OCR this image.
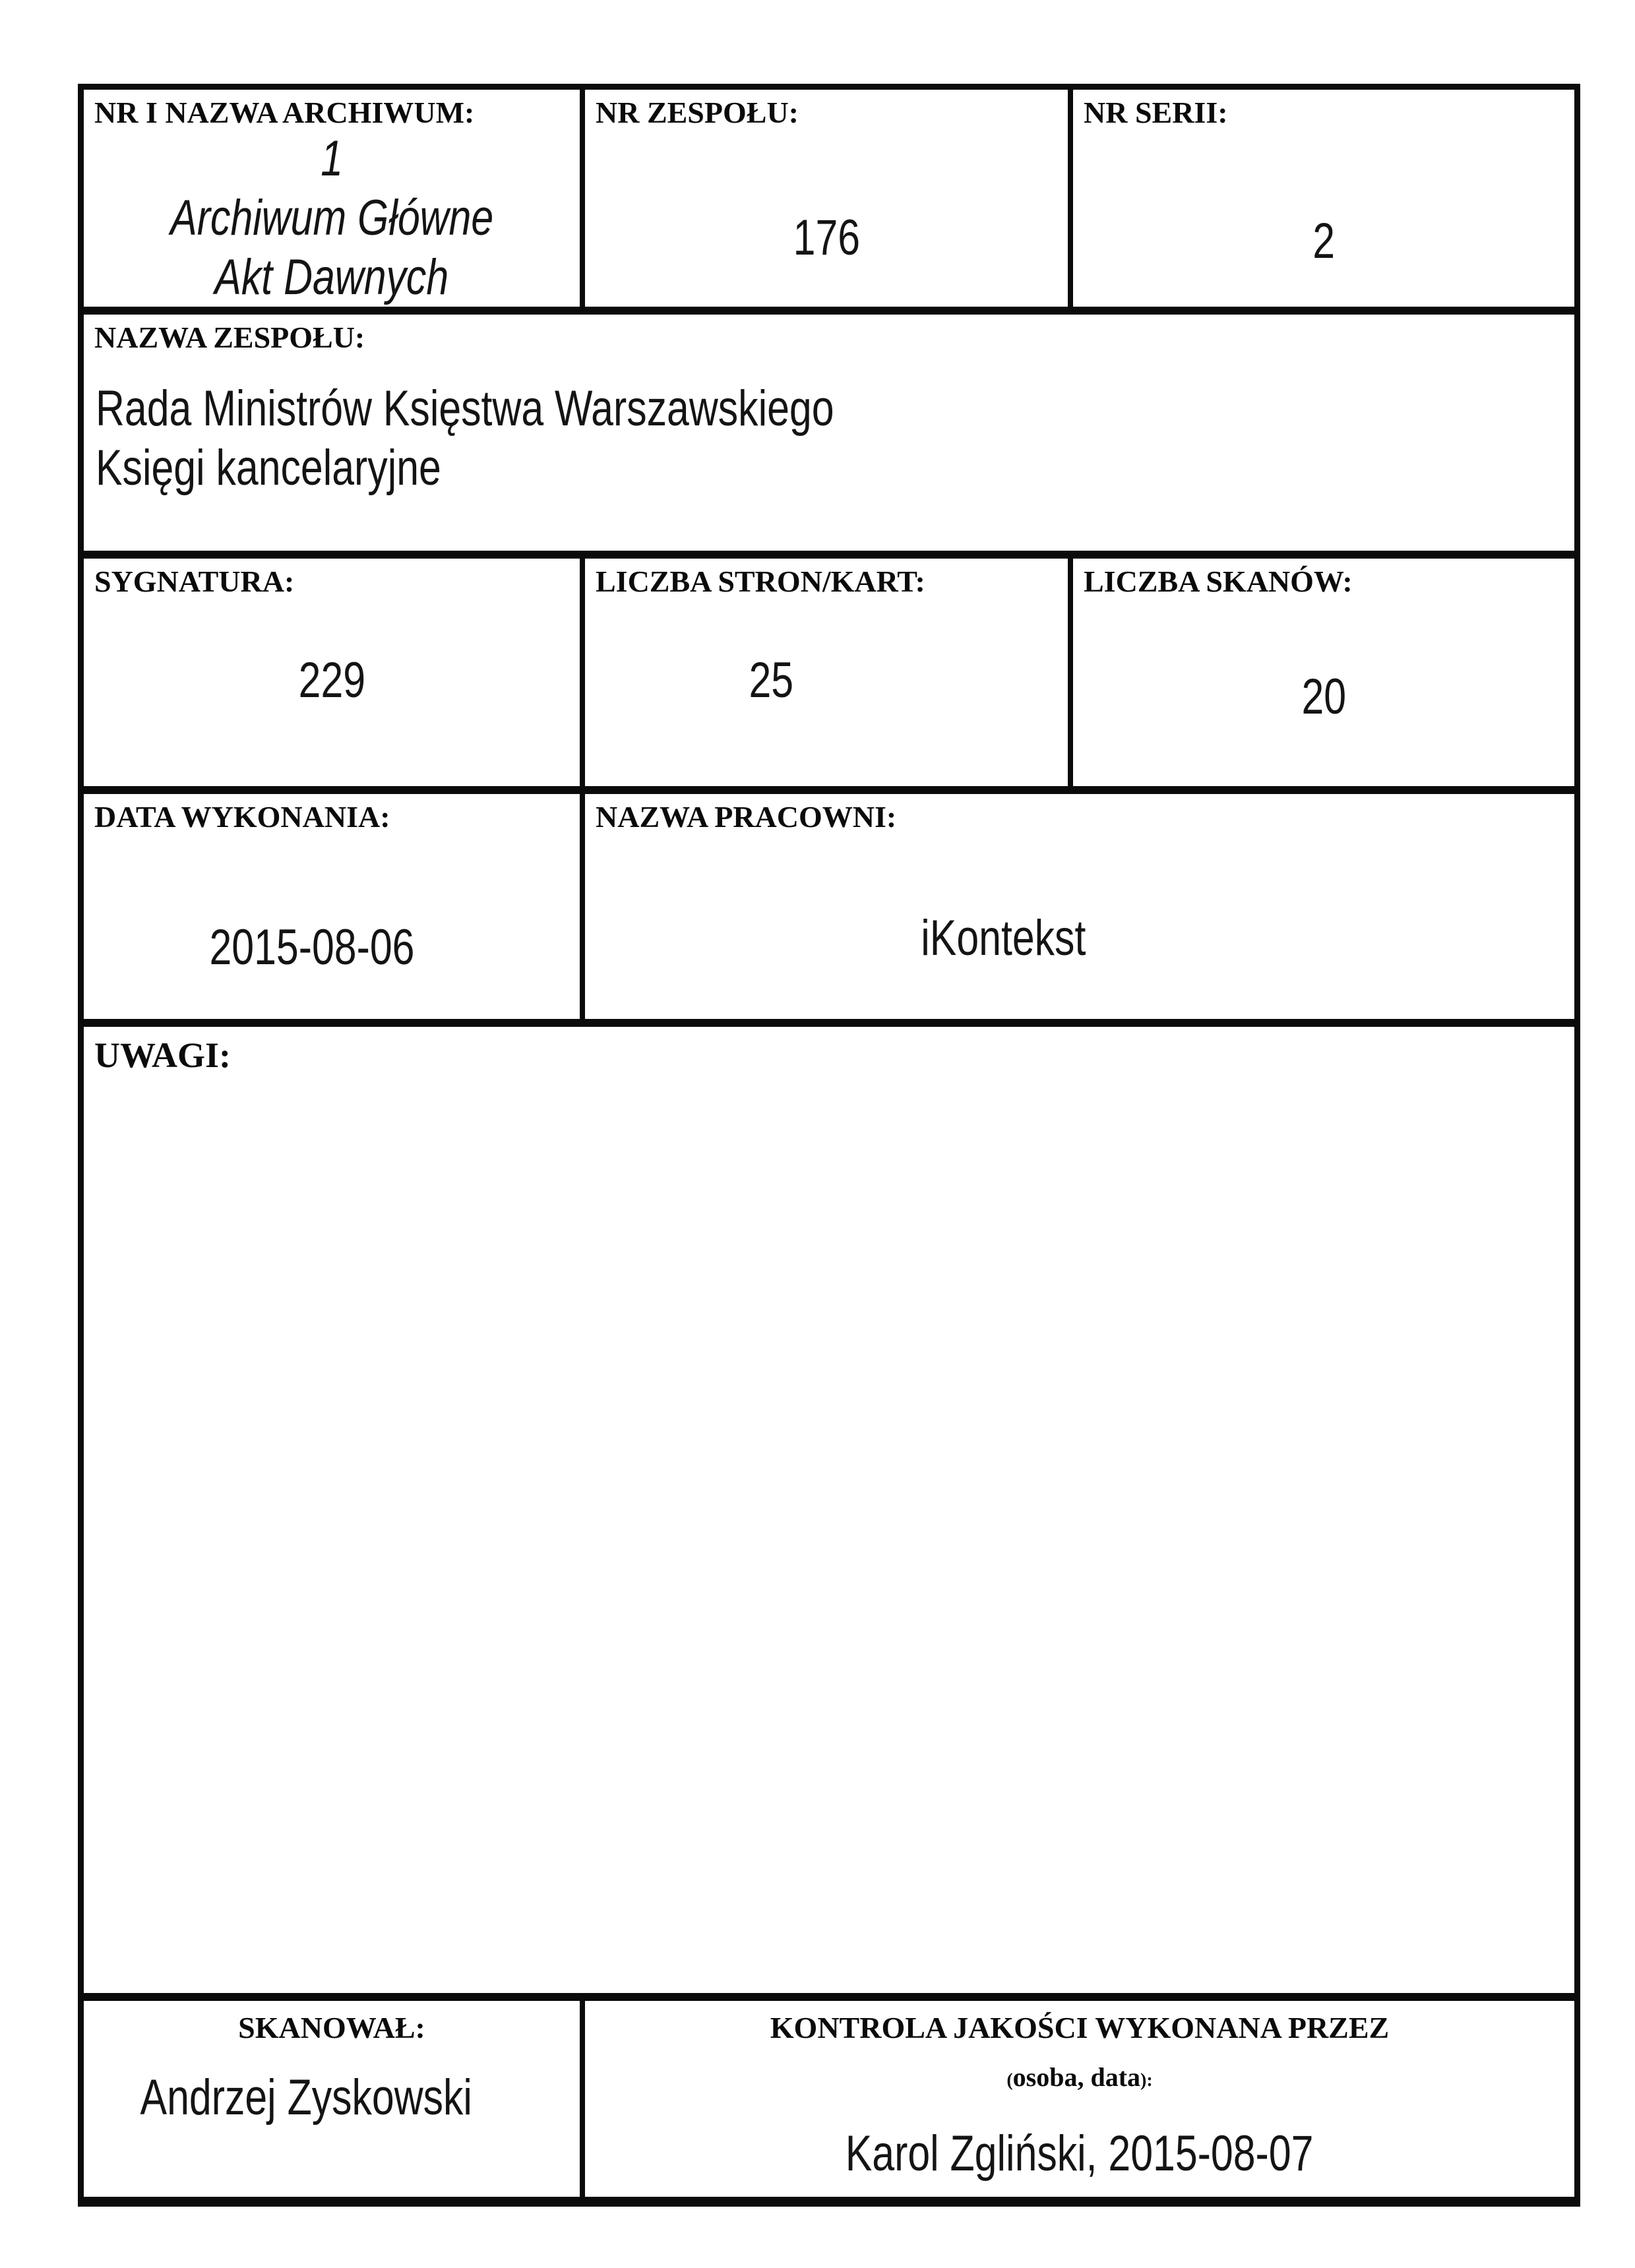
NR I NAZWA ARCHIWUM:
1
Archiwum Główne
Akt Dawnych
NR ZESPOŁU:
176
NR SERII:
2
NAZWA ZESPOŁU:
Rada Ministrów Księstwa Warszawskiego
Księgi kancelaryjne
SYGNATURA:
229
LICZBA STRON/KART:
25
LICZBA SKANÓW:
20
DATA WYKONANIA:
2015-08-06
NAZWA PRACOWNI:
iKontekst
UWAGI:
SKANOWAŁ:
Andrzej Zyskowski
KONTROLA JAKOŚCI WYKONANA PRZEZ
(osoba, data):
Karol Zgliński, 2015-08-07
